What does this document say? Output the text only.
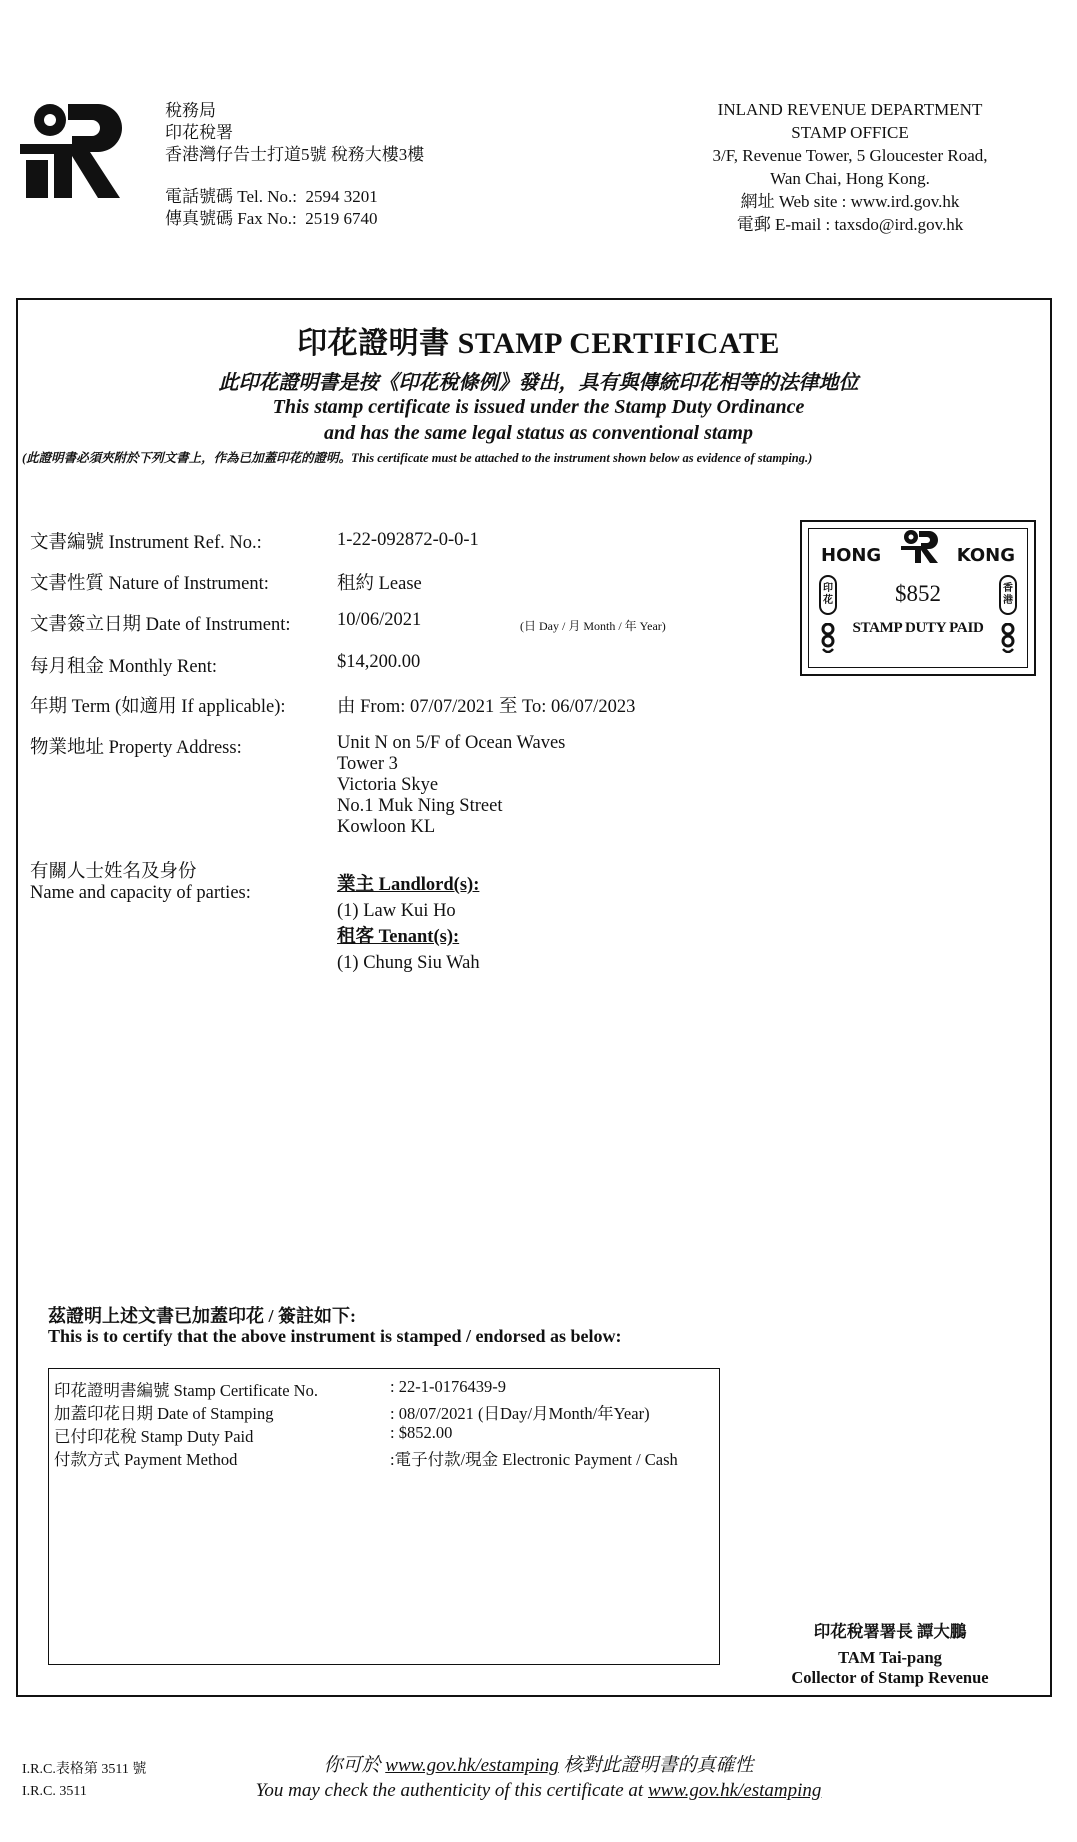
稅務局
印花稅署
香港灣仔告士打道5號 稅務大樓3樓
電話號碼 Tel. No.: 2594 3201
傳真號碼 Fax No.: 2519 6740
INLAND REVENUE DEPARTMENT
STAMP OFFICE
3/F, Revenue Tower, 5 Gloucester Road,
Wan Chai, Hong Kong.
網址 Web site : www.ird.gov.hk
電郵 E-mail : taxsdo@ird.gov.hk
印花證明書 STAMP CERTIFICATE
此印花證明書是按《印花稅條例》發出，具有與傳統印花相等的法律地位
This stamp certificate is issued under the Stamp Duty Ordinance
and has the same legal status as conventional stamp
(此證明書必須夾附於下列文書上，作為已加蓋印花的證明。This certificate must be attached to the instrument shown below as evidence of stamping.)
文書編號 Instrument Ref. No.:	1-22-092872-0-0-1
文書性質 Nature of Instrument:	租約 Lease
文書簽立日期 Date of Instrument:	10/06/2021	(日 Day / 月 Month / 年 Year)
每月租金 Monthly Rent:	$14,200.00
年期 Term (如適用 If applicable):	由 From: 07/07/2021 至 To: 06/07/2023
物業地址 Property Address:	Unit N on 5/F of Ocean Waves
Tower 3
Victoria Skye
No.1 Muk Ning Street
Kowloon KL
有關人士姓名及身份
Name and capacity of parties:	業主 Landlord(s):
(1) Law Kui Ho
租客 Tenant(s):
(1) Chung Siu Wah
HONG	KONG
$852
STAMP DUTY PAID
印花
香港
茲證明上述文書已加蓋印花 / 簽註如下:
This is to certify that the above instrument is stamped / endorsed as below:
印花證明書編號 Stamp Certificate No.	: 22-1-0176439-9
加蓋印花日期 Date of Stamping	: 08/07/2021 (日Day/月Month/年Year)
已付印花稅 Stamp Duty Paid	: $852.00
付款方式 Payment Method	:電子付款/現金 Electronic Payment / Cash
印花稅署署長 譚大鵬
TAM Tai-pang
Collector of Stamp Revenue
I.R.C.表格第 3511 號
I.R.C. 3511
你可於 www.gov.hk/estamping 核對此證明書的真確性
You may check the authenticity of this certificate at www.gov.hk/estamping
